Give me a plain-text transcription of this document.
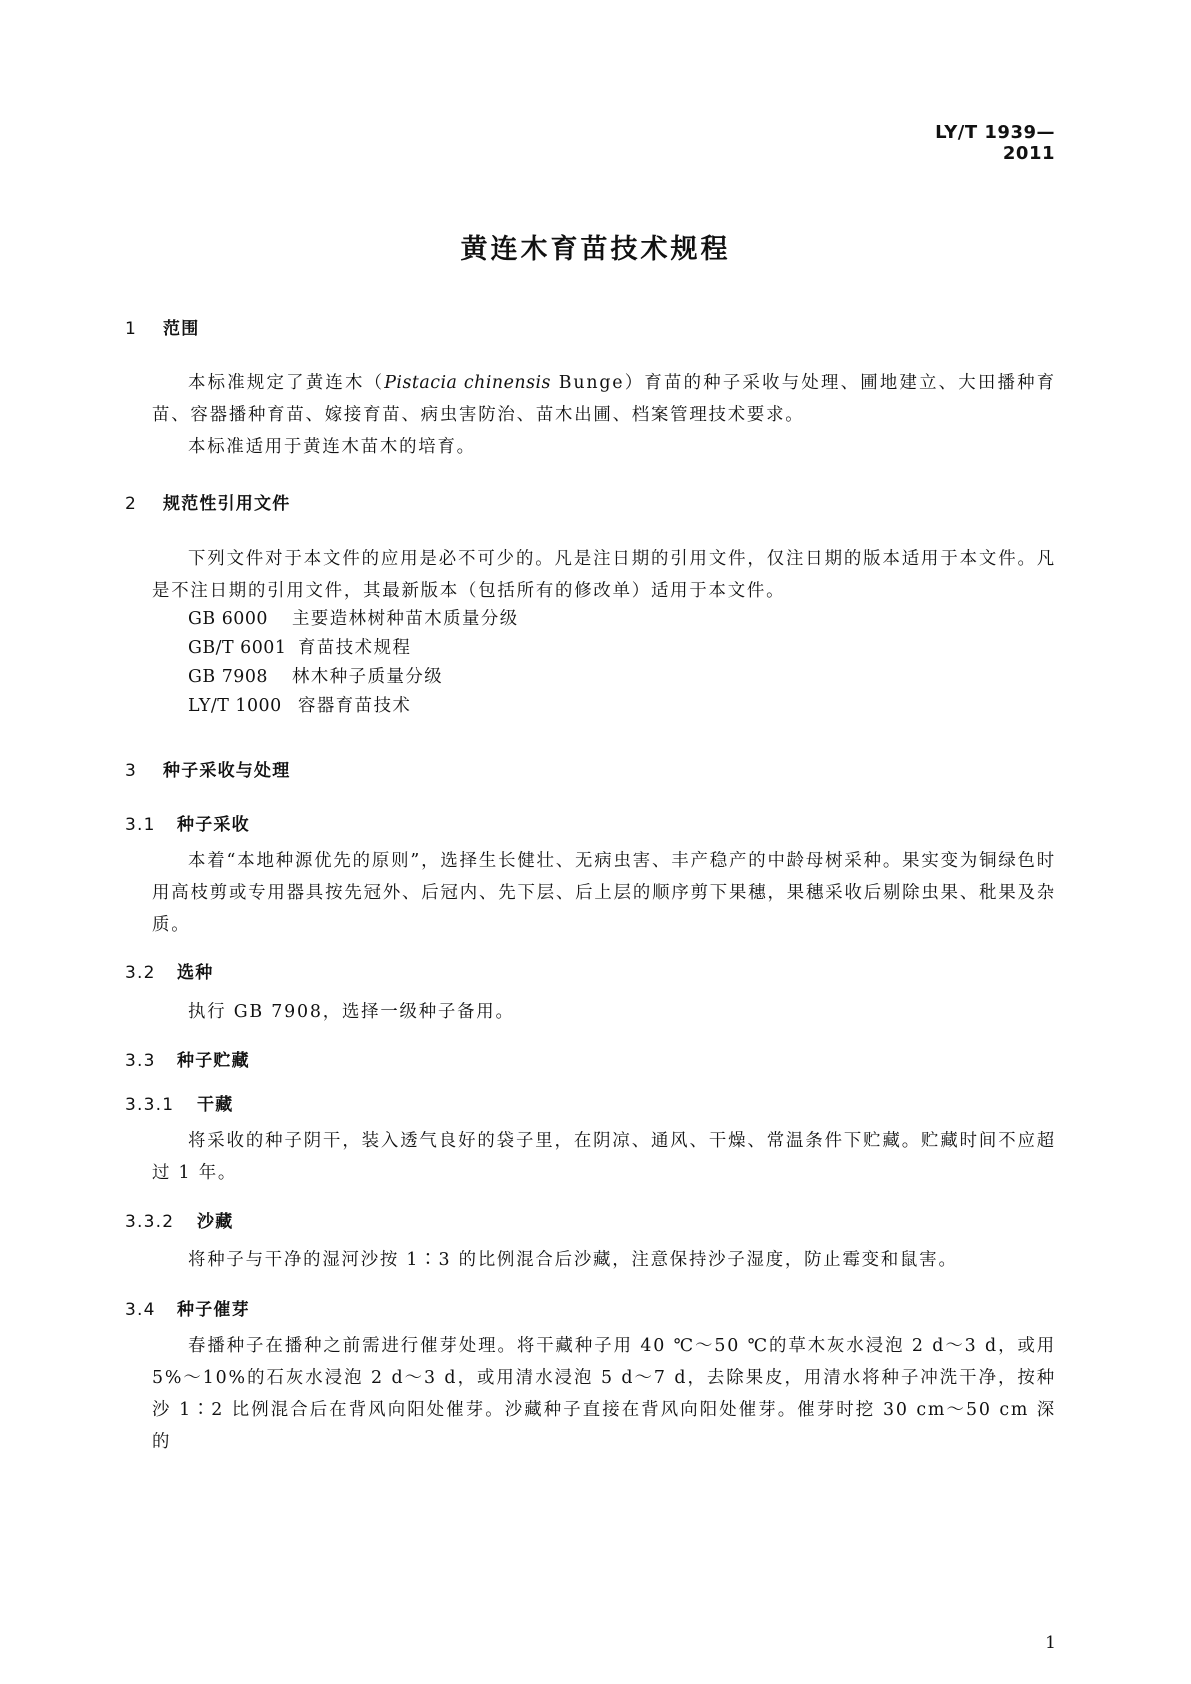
LY/T 1939—2011
黄连木育苗技术规程
1 范围
本标准规定了黄连木（Pistacia chinensis Bunge）育苗的种子采收与处理、圃地建立、大田播种育苗、容器播种育苗、嫁接育苗、病虫害防治、苗木出圃、档案管理技术要求。
本标准适用于黄连木苗木的培育。
2 规范性引用文件
下列文件对于本文件的应用是必不可少的。凡是注日期的引用文件，仅注日期的版本适用于本文件。凡是不注日期的引用文件，其最新版本（包括所有的修改单）适用于本文件。
GB 6000 主要造林树种苗木质量分级
GB/T 6001 育苗技术规程
GB 7908 林木种子质量分级
LY/T 1000 容器育苗技术
3 种子采收与处理
3.1 种子采收
本着“本地种源优先的原则”，选择生长健壮、无病虫害、丰产稳产的中龄母树采种。果实变为铜绿色时用高枝剪或专用器具按先冠外、后冠内、先下层、后上层的顺序剪下果穗，果穗采收后剔除虫果、秕果及杂质。
3.2 选种
执行 GB 7908，选择一级种子备用。
3.3 种子贮藏
3.3.1 干藏
将采收的种子阴干，装入透气良好的袋子里，在阴凉、通风、干燥、常温条件下贮藏。贮藏时间不应超过 1 年。
3.3.2 沙藏
将种子与干净的湿河沙按 1∶3 的比例混合后沙藏，注意保持沙子湿度，防止霉变和鼠害。
3.4 种子催芽
春播种子在播种之前需进行催芽处理。将干藏种子用 40 ℃～50 ℃的草木灰水浸泡 2 d～3 d，或用 5%～10%的石灰水浸泡 2 d～3 d，或用清水浸泡 5 d～7 d，去除果皮，用清水将种子冲洗干净，按种沙 1∶2 比例混合后在背风向阳处催芽。沙藏种子直接在背风向阳处催芽。催芽时挖 30 cm～50 cm 深的
1
